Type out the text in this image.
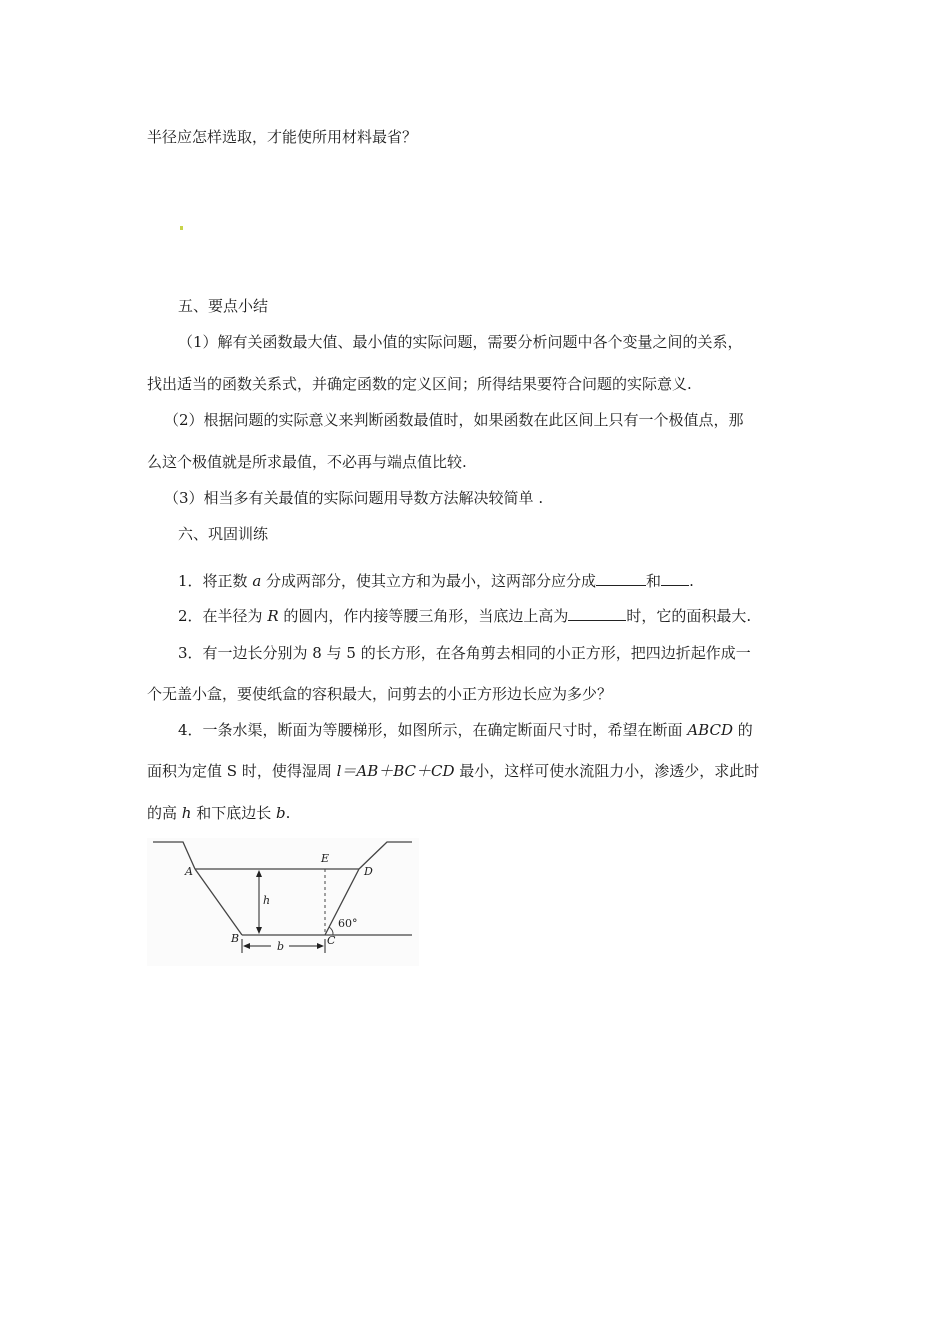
半径应怎样选取，才能使所用材料最省？
五、要点小结
（1）解有关函数最大值、最小值的实际问题，需要分析问题中各个变量之间的关系，
找出适当的函数关系式，并确定函数的定义区间；所得结果要符合问题的实际意义.
（2）根据问题的实际意义来判断函数最值时，如果函数在此区间上只有一个极值点，那
么这个极值就是所求最值，不必再与端点值比较.
（3）相当多有关最值的实际问题用导数方法解决较简单 .
六、巩固训练
1．将正数 a 分成两部分，使其立方和为最小，这两部分应分成	和 .
2．在半径为 R 的圆内，作内接等腰三角形，当底边上高为	时，它的面积最大.
3．有一边长分别为 8 与 5 的长方形，在各角剪去相同的小正方形，把四边折起作成一
个无盖小盒，要使纸盒的容积最大，问剪去的小正方形边长应为多少？
4．一条水渠，断面为等腰梯形，如图所示，在确定断面尺寸时，希望在断面 ABCD 的
面积为定值 S 时，使得湿周 l＝AB＋BC＋CD 最小，这样可使水流阻力小，渗透少，求此时
的高 h 和下底边长 b.
A
B	C
D
E
h
b
60°
